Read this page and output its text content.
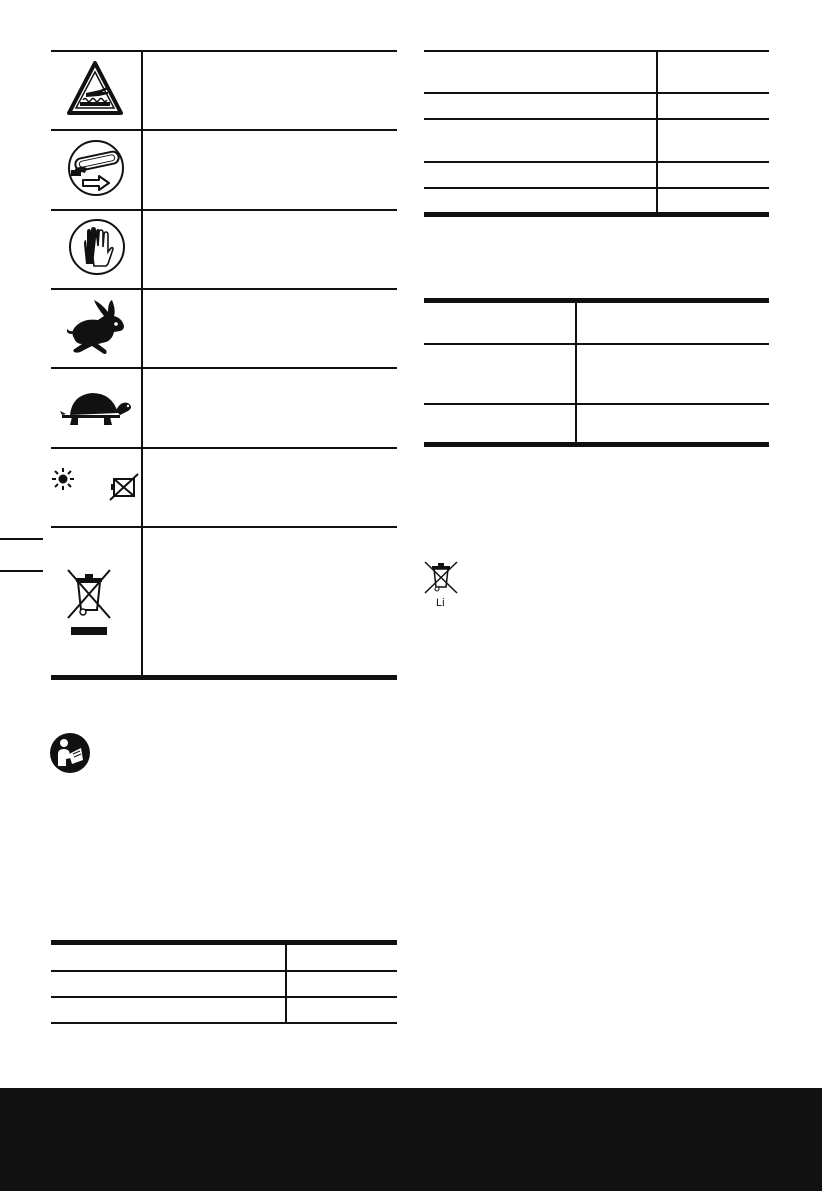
Li
